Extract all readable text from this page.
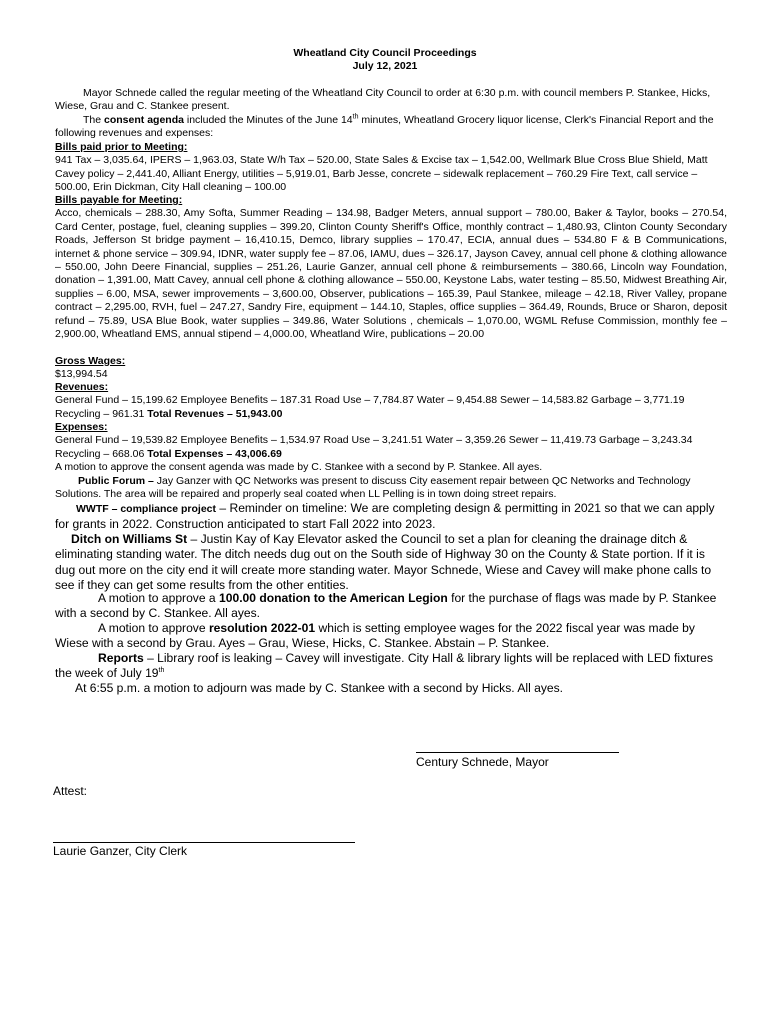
Wheatland City Council Proceedings
July 12, 2021
Mayor Schnede called the regular meeting of the Wheatland City Council to order at 6:30 p.m. with council members P. Stankee, Hicks, Wiese, Grau and C. Stankee present.
The consent agenda included the Minutes of the June 14th minutes, Wheatland Grocery liquor license, Clerk's Financial Report and the following revenues and expenses:
Bills paid prior to Meeting:
941 Tax – 3,035.64, IPERS – 1,963.03, State W/h Tax – 520.00, State Sales & Excise tax – 1,542.00, Wellmark Blue Cross Blue Shield, Matt Cavey policy – 2,441.40, Alliant Energy, utilities – 5,919.01, Barb Jesse, concrete – sidewalk replacement – 760.29 Fire Text, call service – 500.00, Erin Dickman, City Hall cleaning – 100.00
Bills payable for Meeting:
Acco, chemicals – 288.30, Amy Softa, Summer Reading – 134.98, Badger Meters, annual support – 780.00, Baker & Taylor, books – 270.54, Card Center, postage, fuel, cleaning supplies – 399.20, Clinton County Sheriff's Office, monthly contract – 1,480.93, Clinton County Secondary Roads, Jefferson St bridge payment – 16,410.15, Demco, library supplies – 170.47, ECIA, annual dues – 534.80 F & B Communications, internet & phone service – 309.94, IDNR, water supply fee – 87.06, IAMU, dues – 326.17, Jayson Cavey, annual cell phone & clothing allowance – 550.00, John Deere Financial, supplies – 251.26, Laurie Ganzer, annual cell phone & reimbursements – 380.66, Lincoln way Foundation, donation – 1,391.00, Matt Cavey, annual cell phone & clothing allowance – 550.00, Keystone Labs, water testing – 85.50, Midwest Breathing Air, supplies – 6.00, MSA, sewer improvements – 3,600.00, Observer, publications – 165.39, Paul Stankee, mileage – 42.18, River Valley, propane contract – 2,295.00, RVH, fuel – 247.27, Sandry Fire, equipment – 144.10, Staples, office supplies – 364.49, Rounds, Bruce or Sharon, deposit refund – 75.89, USA Blue Book, water supplies – 349.86, Water Solutions , chemicals – 1,070.00, WGML Refuse Commission, monthly fee – 2,900.00, Wheatland EMS, annual stipend – 4,000.00, Wheatland Wire, publications – 20.00
Gross Wages:
$13,994.54
Revenues:
General Fund – 15,199.62 Employee Benefits – 187.31 Road Use – 7,784.87 Water – 9,454.88 Sewer – 14,583.82 Garbage – 3,771.19 Recycling – 961.31 Total Revenues – 51,943.00
Expenses:
General Fund – 19,539.82 Employee Benefits – 1,534.97 Road Use – 3,241.51 Water – 3,359.26 Sewer – 11,419.73 Garbage – 3,243.34 Recycling – 668.06 Total Expenses – 43,006.69
A motion to approve the consent agenda was made by C. Stankee with a second by P. Stankee. All ayes.
Public Forum – Jay Ganzer with QC Networks was present to discuss City easement repair between QC Networks and Technology Solutions. The area will be repaired and properly seal coated when LL Pelling is in town doing street repairs.
WWTF – compliance project – Reminder on timeline: We are completing design & permitting in 2021 so that we can apply for grants in 2022. Construction anticipated to start Fall 2022 into 2023.
Ditch on Williams St – Justin Kay of Kay Elevator asked the Council to set a plan for cleaning the drainage ditch & eliminating standing water. The ditch needs dug out on the South side of Highway 30 on the County & State portion. If it is dug out more on the city end it will create more standing water. Mayor Schnede, Wiese and Cavey will make phone calls to see if they can get some results from the other entities.
A motion to approve a 100.00 donation to the American Legion for the purchase of flags was made by P. Stankee with a second by C. Stankee. All ayes.
A motion to approve resolution 2022-01 which is setting employee wages for the 2022 fiscal year was made by Wiese with a second by Grau. Ayes – Grau, Wiese, Hicks, C. Stankee. Abstain – P. Stankee.
Reports – Library roof is leaking – Cavey will investigate. City Hall & library lights will be replaced with LED fixtures the week of July 19th
At 6:55 p.m. a motion to adjourn was made by C. Stankee with a second by Hicks. All ayes.
Century Schnede, Mayor
Attest:
Laurie Ganzer, City Clerk
